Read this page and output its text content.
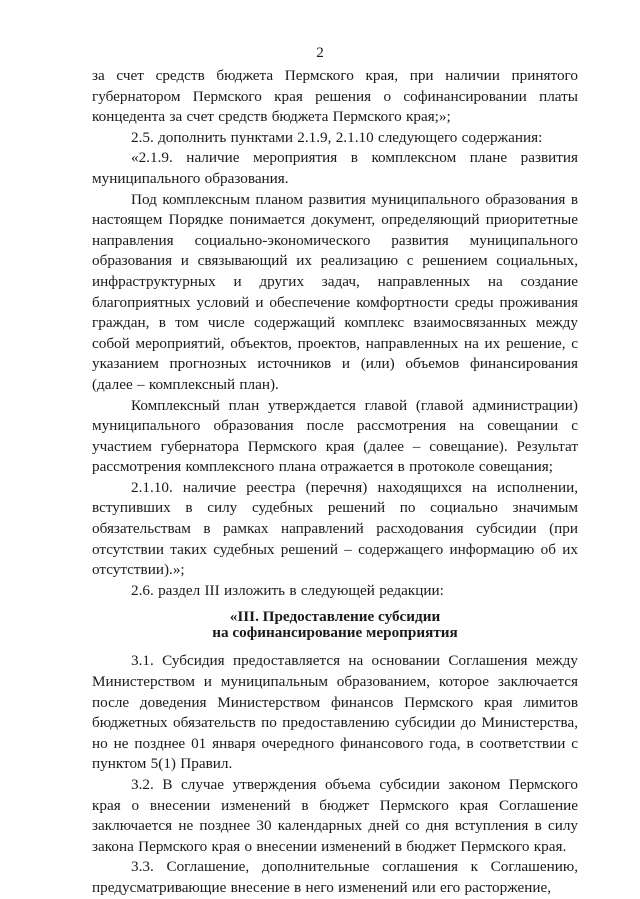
2

за счет средств бюджета Пермского края, при наличии принятого губернатором Пермского края решения о софинансировании платы концедента за счет средств бюджета Пермского края;»;

2.5. дополнить пунктами 2.1.9, 2.1.10 следующего содержания:

«2.1.9. наличие мероприятия в комплексном плане развития муниципального образования.

Под комплексным планом развития муниципального образования в настоящем Порядке понимается документ, определяющий приоритетные направления социально-экономического развития муниципального образования и связывающий их реализацию с решением социальных, инфраструктурных и других задач, направленных на создание благоприятных условий и обеспечение комфортности среды проживания граждан, в том числе содержащий комплекс взаимосвязанных между собой мероприятий, объектов, проектов, направленных на их решение, с указанием прогнозных источников и (или) объемов финансирования (далее – комплексный план).

Комплексный план утверждается главой (главой администрации) муниципального образования после рассмотрения на совещании с участием губернатора Пермского края (далее – совещание). Результат рассмотрения комплексного плана отражается в протоколе совещания;

2.1.10. наличие реестра (перечня) находящихся на исполнении, вступивших в силу судебных решений по социально значимым обязательствам в рамках направлений расходования субсидии (при отсутствии таких судебных решений – содержащего информацию об их отсутствии).»;

2.6. раздел III изложить в следующей редакции:

«III. Предоставление субсидии
на софинансирование мероприятия

3.1. Субсидия предоставляется на основании Соглашения между Министерством и муниципальным образованием, которое заключается после доведения Министерством финансов Пермского края лимитов бюджетных обязательств по предоставлению субсидии до Министерства, но не позднее 01 января очередного финансового года, в соответствии с пунктом 5(1) Правил.

3.2. В случае утверждения объема субсидии законом Пермского края о внесении изменений в бюджет Пермского края Соглашение заключается не позднее 30 календарных дней со дня вступления в силу закона Пермского края о внесении изменений в бюджет Пермского края.

3.3. Соглашение, дополнительные соглашения к Соглашению, предусматривающие внесение в него изменений или его расторжение,
